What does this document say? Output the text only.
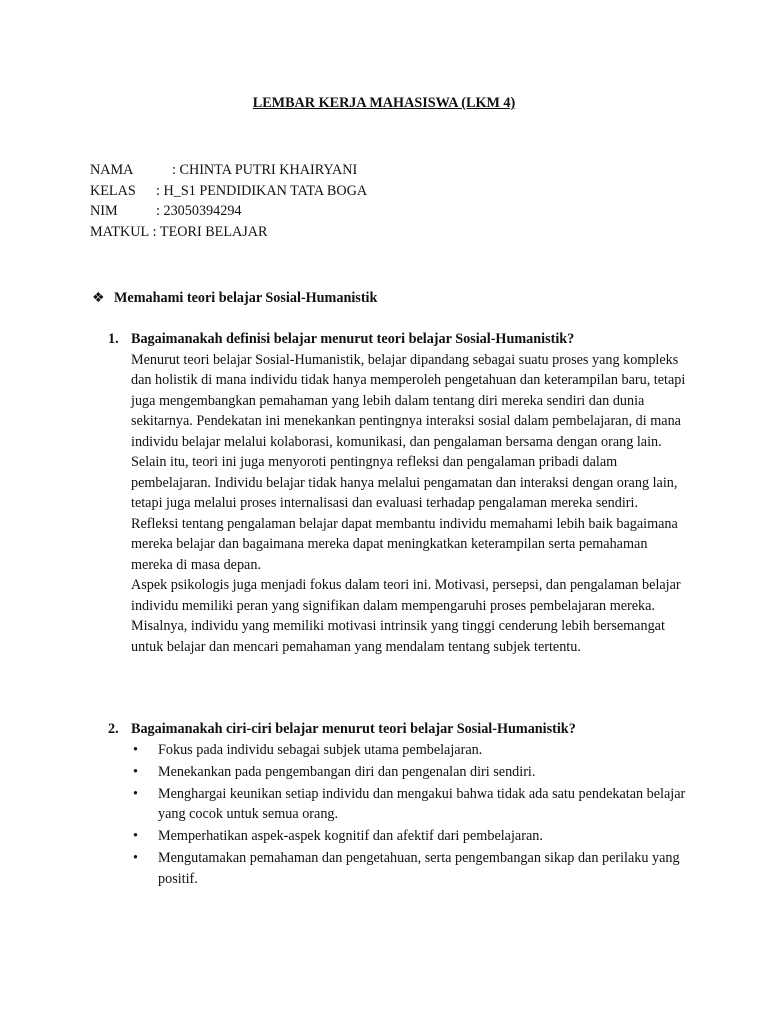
LEMBAR KERJA MAHASISWA (LKM 4)
NAMA	: CHINTA PUTRI KHAIRYANI
KELAS : H_S1 PENDIDIKAN TATA BOGA
NIM	: 23050394294
MATKUL : TEORI BELAJAR
❖ Memahami teori belajar Sosial-Humanistik
1. Bagaimanakah definisi belajar menurut teori belajar Sosial-Humanistik?

Menurut teori belajar Sosial-Humanistik, belajar dipandang sebagai suatu proses yang kompleks dan holistik di mana individu tidak hanya memperoleh pengetahuan dan keterampilan baru, tetapi juga mengembangkan pemahaman yang lebih dalam tentang diri mereka sendiri dan dunia sekitarnya. Pendekatan ini menekankan pentingnya interaksi sosial dalam pembelajaran, di mana individu belajar melalui kolaborasi, komunikasi, dan pengalaman bersama dengan orang lain.

Selain itu, teori ini juga menyoroti pentingnya refleksi dan pengalaman pribadi dalam pembelajaran. Individu belajar tidak hanya melalui pengamatan dan interaksi dengan orang lain, tetapi juga melalui proses internalisasi dan evaluasi terhadap pengalaman mereka sendiri. Refleksi tentang pengalaman belajar dapat membantu individu memahami lebih baik bagaimana mereka belajar dan bagaimana mereka dapat meningkatkan keterampilan serta pemahaman mereka di masa depan.

Aspek psikologis juga menjadi fokus dalam teori ini. Motivasi, persepsi, dan pengalaman belajar individu memiliki peran yang signifikan dalam mempengaruhi proses pembelajaran mereka. Misalnya, individu yang memiliki motivasi intrinsik yang tinggi cenderung lebih bersemangat untuk belajar dan mencari pemahaman yang mendalam tentang subjek tertentu.

2. Bagaimanakah ciri-ciri belajar menurut teori belajar Sosial-Humanistik?
• Fokus pada individu sebagai subjek utama pembelajaran.
• Menekankan pada pengembangan diri dan pengenalan diri sendiri.
• Menghargai keunikan setiap individu dan mengakui bahwa tidak ada satu pendekatan belajar yang cocok untuk semua orang.
• Memperhatikan aspek-aspek kognitif dan afektif dari pembelajaran.
• Mengutamakan pemahaman dan pengetahuan, serta pengembangan sikap dan perilaku yang positif.
